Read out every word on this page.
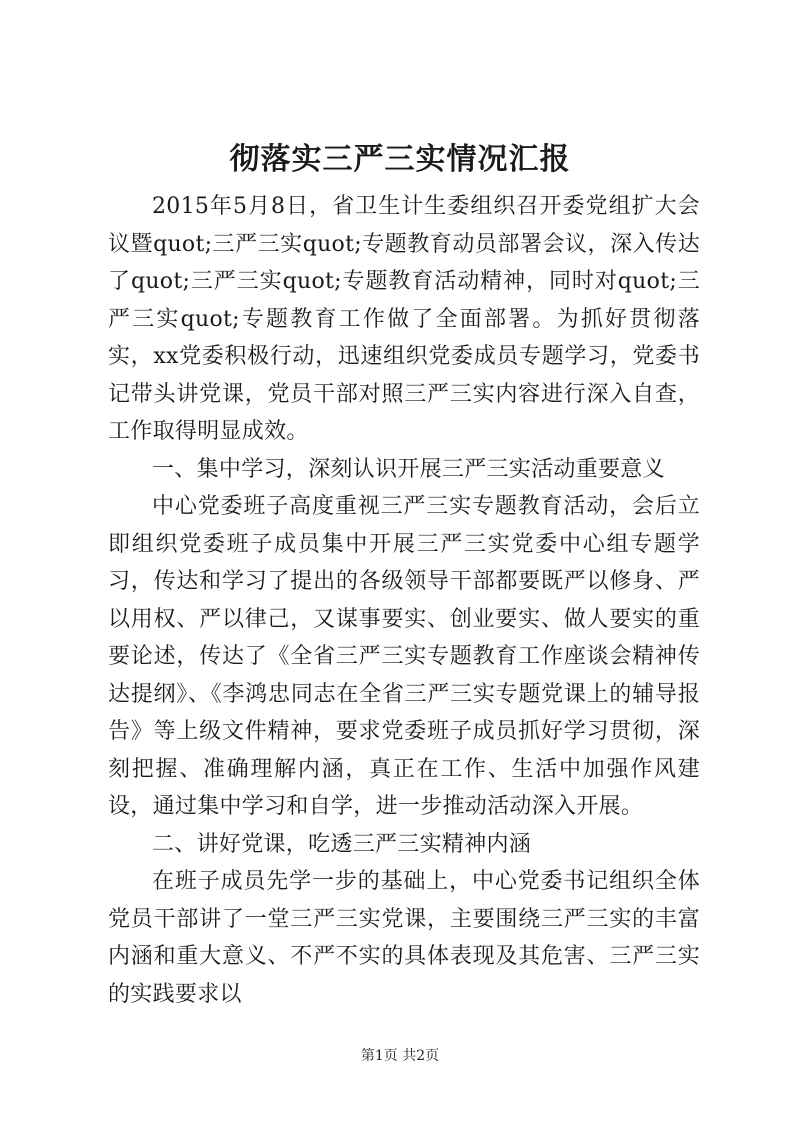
彻落实三严三实情况汇报

2015年5月8日，省卫生计生委组织召开委党组扩大会议暨quot;三严三实quot;专题教育动员部署会议，深入传达了quot;三严三实quot;专题教育活动精神，同时对quot;三严三实quot;专题教育工作做了全面部署。为抓好贯彻落实，xx党委积极行动，迅速组织党委成员专题学习，党委书记带头讲党课，党员干部对照三严三实内容进行深入自查，工作取得明显成效。

一、集中学习，深刻认识开展三严三实活动重要意义

中心党委班子高度重视三严三实专题教育活动，会后立即组织党委班子成员集中开展三严三实党委中心组专题学习，传达和学习了提出的各级领导干部都要既严以修身、严以用权、严以律己，又谋事要实、创业要实、做人要实的重要论述，传达了《全省三严三实专题教育工作座谈会精神传达提纲》、《李鸿忠同志在全省三严三实专题党课上的辅导报告》等上级文件精神，要求党委班子成员抓好学习贯彻，深刻把握、准确理解内涵，真正在工作、生活中加强作风建设，通过集中学习和自学，进一步推动活动深入开展。

二、讲好党课，吃透三严三实精神内涵

在班子成员先学一步的基础上，中心党委书记组织全体党员干部讲了一堂三严三实党课，主要围绕三严三实的丰富内涵和重大意义、不严不实的具体表现及其危害、三严三实的实践要求以

第1页 共2页
